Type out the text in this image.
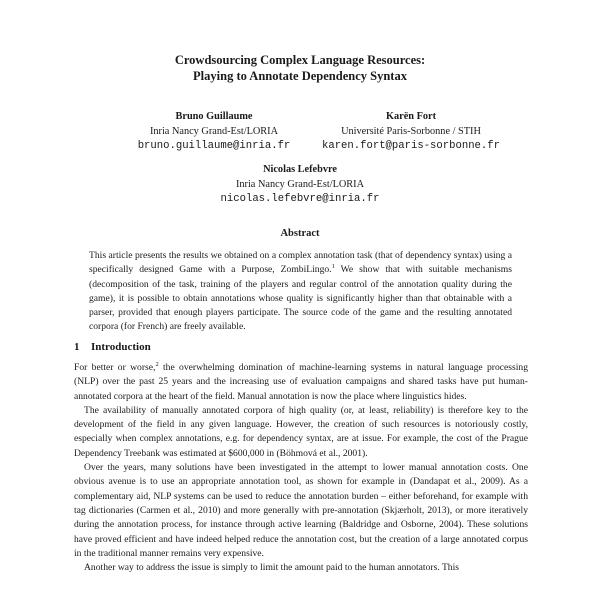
Crowdsourcing Complex Language Resources:
Playing to Annotate Dependency Syntax
Bruno Guillaume
Inria Nancy Grand-Est/LORIA
bruno.guillaume@inria.fr
Karën Fort
Université Paris-Sorbonne / STIH
karen.fort@paris-sorbonne.fr
Nicolas Lefebvre
Inria Nancy Grand-Est/LORIA
nicolas.lefebvre@inria.fr
Abstract
This article presents the results we obtained on a complex annotation task (that of dependency syntax) using a specifically designed Game with a Purpose, ZombiLingo.$^1$ We show that with suitable mechanisms (decomposition of the task, training of the players and regular control of the annotation quality during the game), it is possible to obtain annotations whose quality is significantly higher than that obtainable with a parser, provided that enough players participate. The source code of the game and the resulting annotated corpora (for French) are freely available.
1 Introduction

For better or worse,$^2$ the overwhelming domination of machine-learning systems in natural language processing (NLP) over the past 25 years and the increasing use of evaluation campaigns and shared tasks have put human-annotated corpora at the heart of the field. Manual annotation is now the place where linguistics hides.

The availability of manually annotated corpora of high quality (or, at least, reliability) is therefore key to the development of the field in any given language. However, the creation of such resources is notoriously costly, especially when complex annotations, e.g. for dependency syntax, are at issue. For example, the cost of the Prague Dependency Treebank was estimated at $600,000 in (Böhmová et al., 2001).

Over the years, many solutions have been investigated in the attempt to lower manual annotation costs. One obvious avenue is to use an appropriate annotation tool, as shown for example in (Dandapat et al., 2009). As a complementary aid, NLP systems can be used to reduce the annotation burden – either beforehand, for example with tag dictionaries (Carmen et al., 2010) and more generally with pre-annotation (Skjærholt, 2013), or more iteratively during the annotation process, for instance through active learning (Baldridge and Osborne, 2004). These solutions have proved efficient and have indeed helped reduce the annotation cost, but the creation of a large annotated corpus in the traditional manner remains very expensive.

Another way to address the issue is simply to limit the amount paid to the human annotators. This
